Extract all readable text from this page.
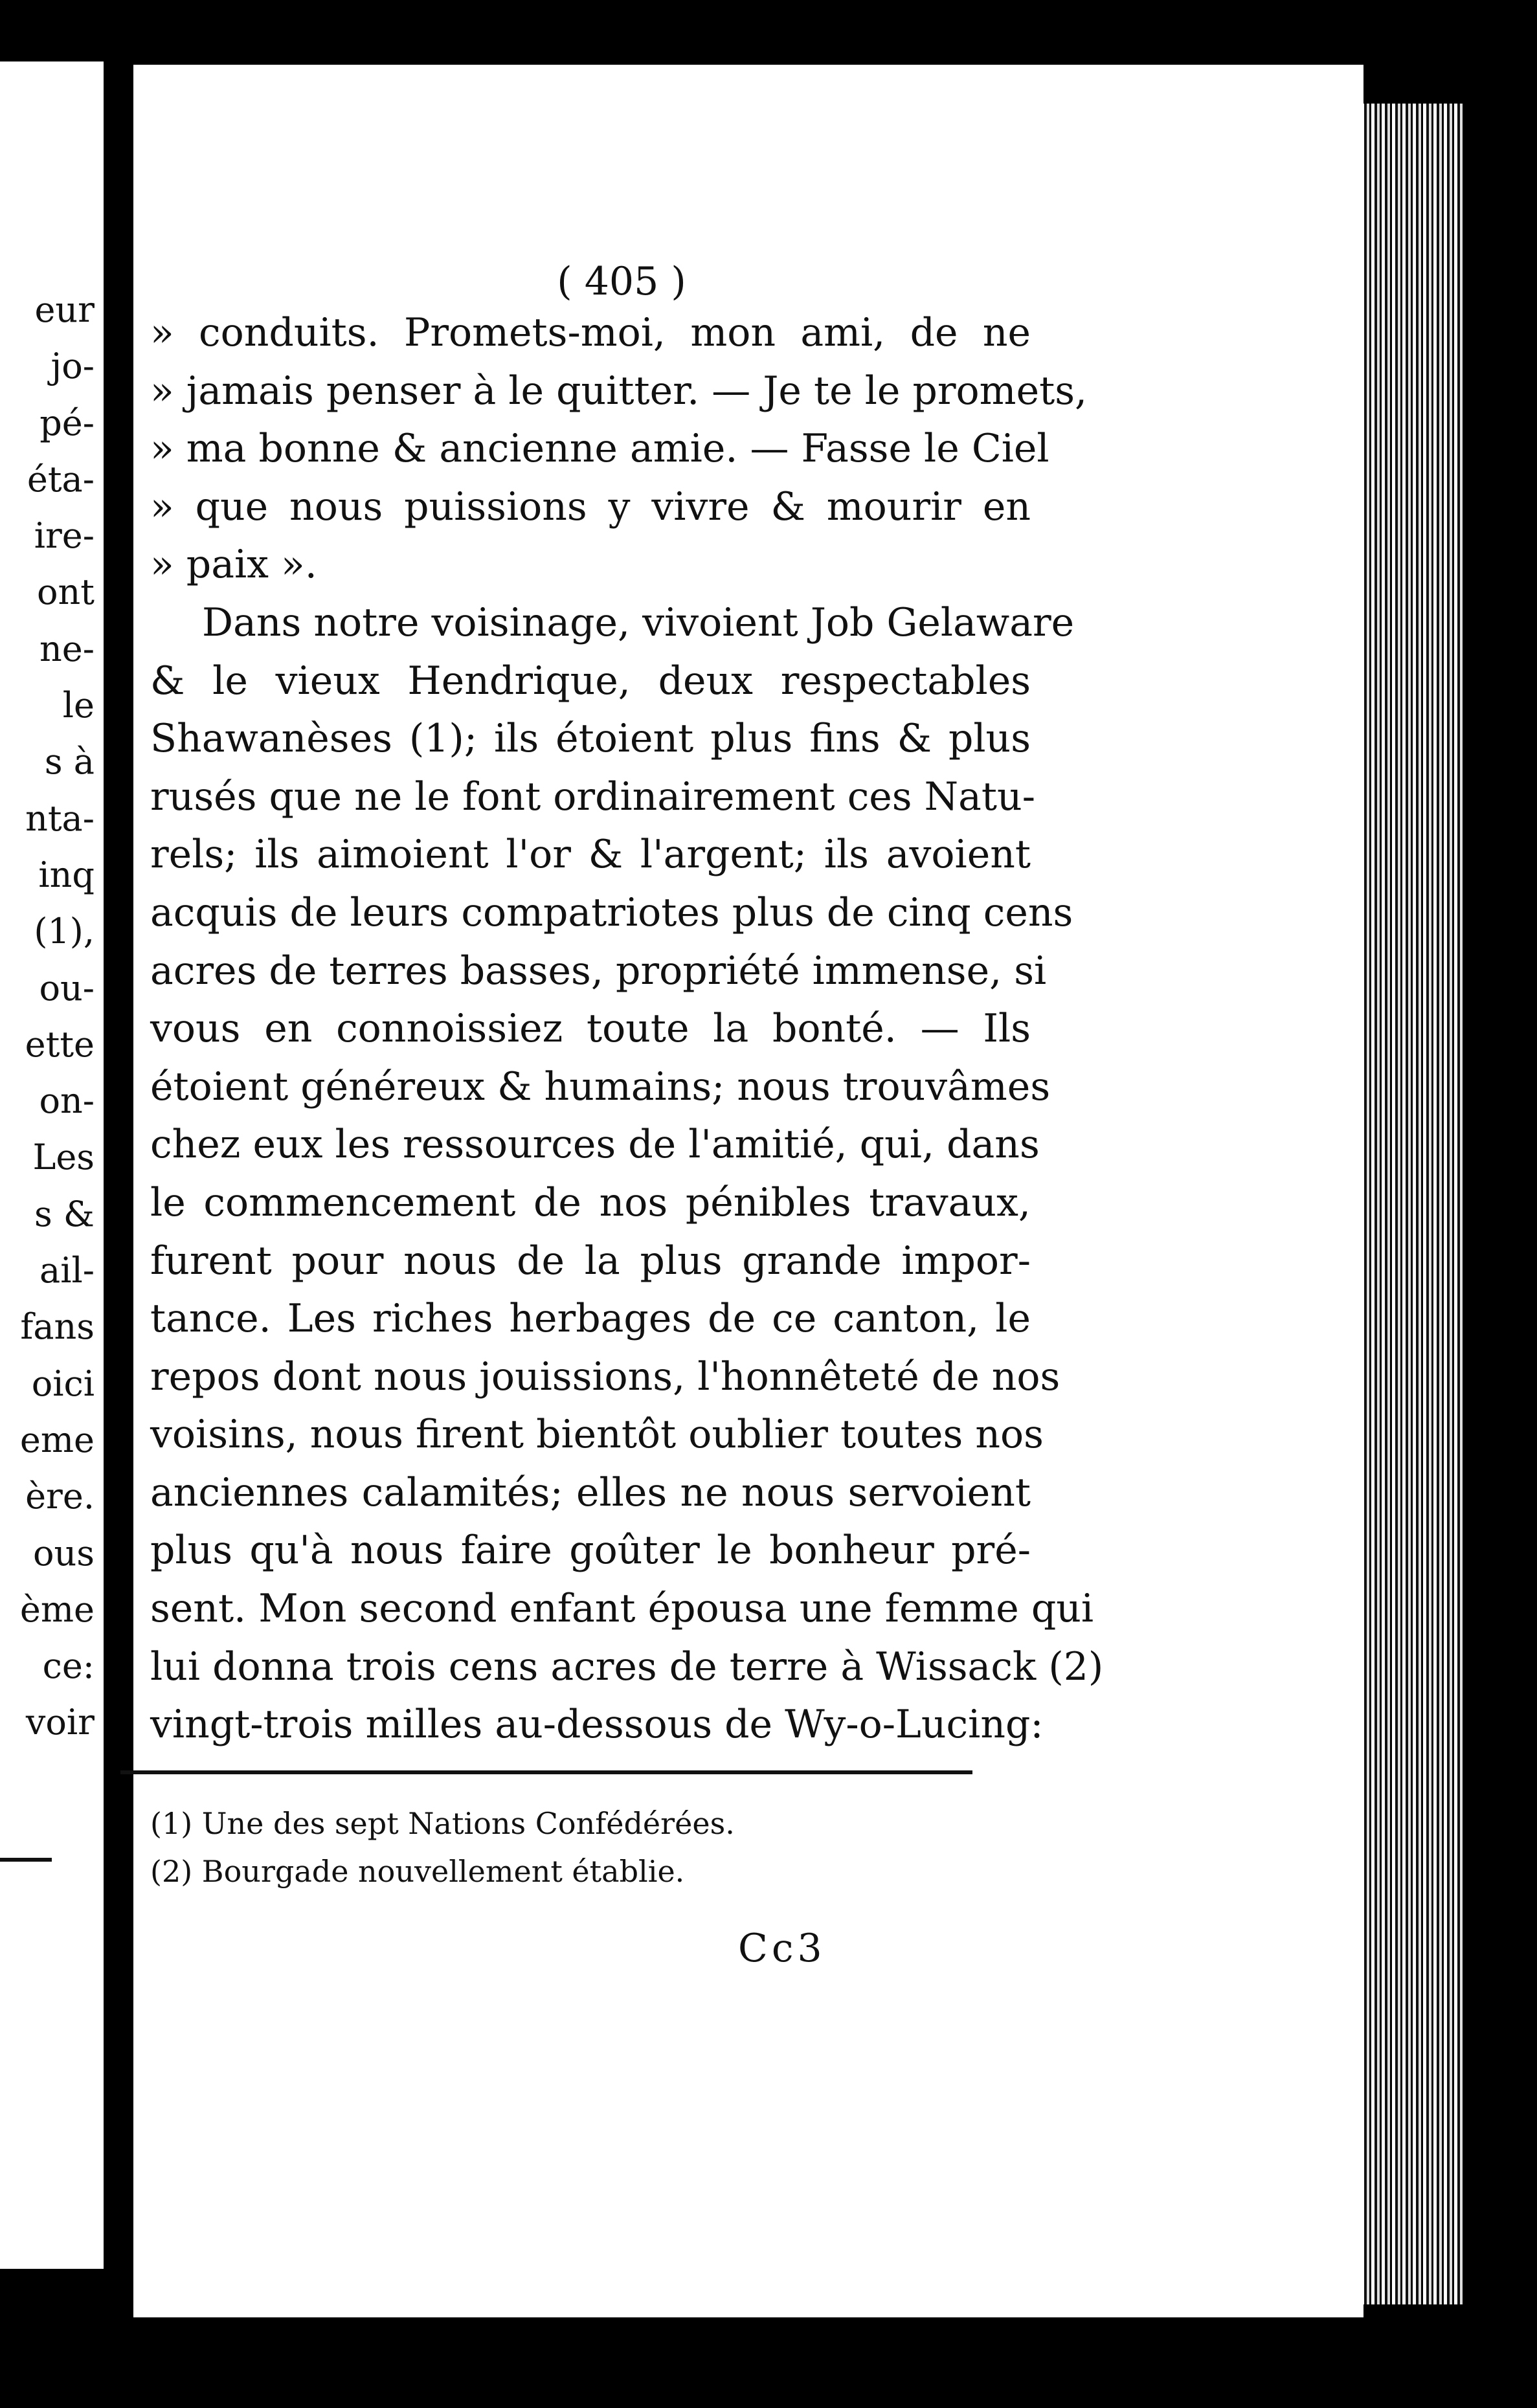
eur
jo-
pé-
éta-
ire-
ont
ne-
le
s à
nta-
inq
(1),
ou-
ette
on-
Les
s &
ail-
fans
oici
eme
ère.
ous
ème
ce:
voir
( 405 )
» conduits. Promets-moi, mon ami, de ne
» jamais penser à le quitter. — Je te le promets,
» ma bonne & ancienne amie. — Fasse le Ciel
» que nous puissions y vivre & mourir en
» paix ».
Dans notre voisinage, vivoient Job Gelaware
& le vieux Hendrique, deux respectables
Shawanèses (1); ils étoient plus fins & plus
rusés que ne le font ordinairement ces Natu-
rels; ils aimoient l'or & l'argent; ils avoient
acquis de leurs compatriotes plus de cinq cens
acres de terres basses, propriété immense, si
vous en connoissiez toute la bonté. — Ils
étoient généreux & humains; nous trouvâmes
chez eux les ressources de l'amitié, qui, dans
le commencement de nos pénibles travaux,
furent pour nous de la plus grande impor-
tance. Les riches herbages de ce canton, le
repos dont nous jouissions, l'honnêteté de nos
voisins, nous firent bientôt oublier toutes nos
anciennes calamités; elles ne nous servoient
plus qu'à nous faire goûter le bonheur pré-
sent. Mon second enfant épousa une femme qui
lui donna trois cens acres de terre à Wissack (2)
vingt-trois milles au-dessous de Wy-o-Lucing:
(1) Une des sept Nations Confédérées.
(2) Bourgade nouvellement établie.
Cc3
